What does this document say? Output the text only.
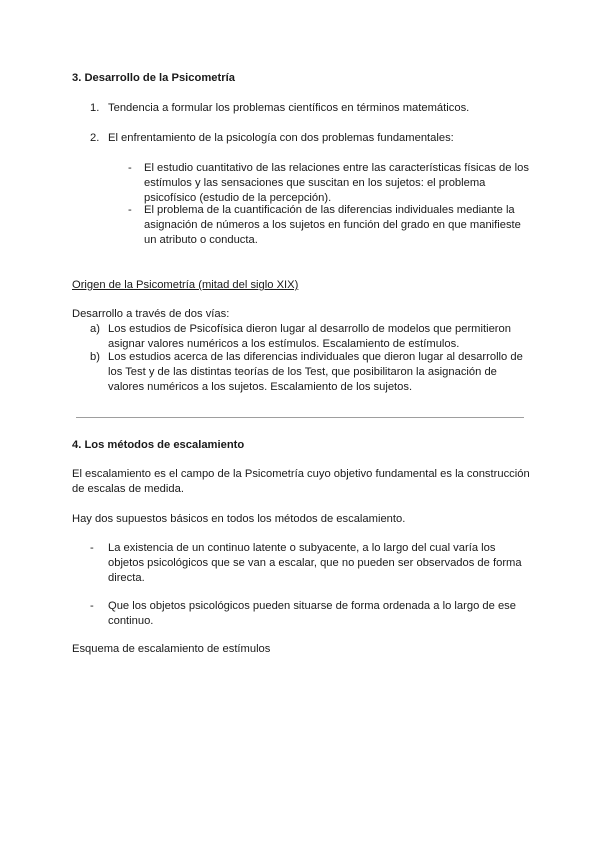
3. Desarrollo de la Psicometría
1. Tendencia a formular los problemas científicos en términos matemáticos.
2. El enfrentamiento de la psicología con dos problemas fundamentales:
- El estudio cuantitativo de las relaciones entre las características físicas de los estímulos y las sensaciones que suscitan en los sujetos: el problema psicofísico (estudio de la percepción).
- El problema de la cuantificación de las diferencias individuales mediante la asignación de números a los sujetos en función del grado en que manifieste un atributo o conducta.
Origen de la Psicometría (mitad del siglo XIX)
Desarrollo a través de dos vías:
a) Los estudios de Psicofísica dieron lugar al desarrollo de modelos que permitieron asignar valores numéricos a los estímulos. Escalamiento de estímulos.
b) Los estudios acerca de las diferencias individuales que dieron lugar al desarrollo de los Test y de las distintas teorías de los Test, que posibilitaron la asignación de valores numéricos a los sujetos. Escalamiento de los sujetos.
4. Los métodos de escalamiento
El escalamiento es el campo de la Psicometría cuyo objetivo fundamental es la construcción de escalas de medida.
Hay dos supuestos básicos en todos los métodos de escalamiento.
- La existencia de un continuo latente o subyacente, a lo largo del cual varía los objetos psicológicos que se van a escalar, que no pueden ser observados de forma directa.
- Que los objetos psicológicos pueden situarse de forma ordenada a lo largo de ese continuo.
Esquema de escalamiento de estímulos
